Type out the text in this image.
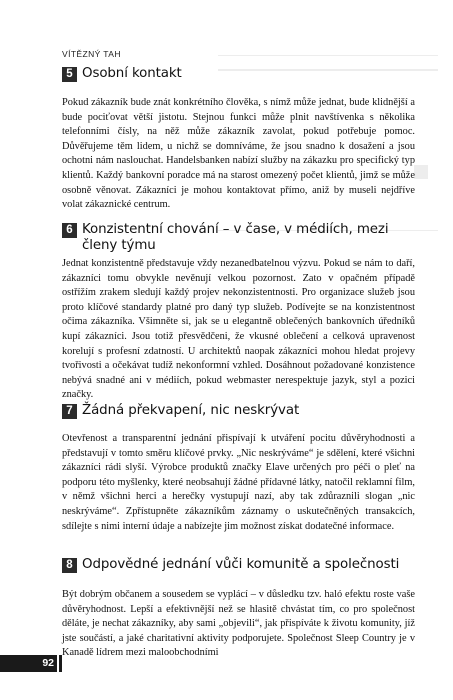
VÍTĚZNÝ TAH
5 Osobní kontakt

Pokud zákazník bude znát konkrétního člověka, s nímž může jednat, bude klidnější a bude pociťovat větší jistotu. Stejnou funkci může plnit navštívenka s několika telefonními čísly, na něž může zákazník zavolat, pokud potřebuje pomoc. Důvěřujeme těm lidem, u nichž se domníváme, že jsou snadno k dosažení a jsou ochotni nám naslouchat. Handelsbanken nabízí služby na zákazku pro specifický typ klientů. Každý bankovní poradce má na starost omezený počet klientů, jimž se může osobně věnovat. Zákazníci je mohou kontaktovat přímo, aniž by museli nejdříve volat zákaznické centrum.

6 Konzistentní chování – v čase, v médiích, mezi členy týmu

Jednat konzistentně představuje vždy nezanedbatelnou výzvu. Pokud se nám to daří, zákazníci tomu obvykle nevěnují velkou pozornost. Zato v opačném případě ostřížím zrakem sledují každý projev nekonzistentnosti. Pro organizace služeb jsou proto klíčové standardy platné pro daný typ služeb. Podívejte se na konzistentnost očima zákazníka. Všimněte si, jak se u elegantně oblečených bankovních úředníků kupí zákazníci. Jsou totiž přesvědčeni, že vkusné oblečení a celková upravenost korelují s profesní zdatností. U architektů naopak zákazníci mohou hledat projevy tvořivosti a očekávat tudíž nekonformní vzhled. Dosáhnout požadované konzistence nebývá snadné ani v médiích, pokud webmaster nerespektuje jazyk, styl a pozici značky.

7 Žádná překvapení, nic neskrývat

Otevřenost a transparentní jednání přispívají k utváření pocitu důvěryhodnosti a představují v tomto směru klíčové prvky. „Nic neskrýváme“ je sdělení, které všichni zákazníci rádi slyší. Výrobce produktů značky Elave určených pro péči o pleť na podporu této myšlenky, které neobsahují žádné přídavné látky, natočil reklamní film, v němž všichni herci a herečky vystupují nazí, aby tak zdůraznili slogan „nic neskrýváme“. Zpřístupněte zákazníkům záznamy o uskutečněných transakcích, sdílejte s nimi interní údaje a nabízejte jim možnost získat dodatečné informace.

8 Odpovědné jednání vůči komunitě a společnosti

Být dobrým občanem a sousedem se vyplácí – v důsledku tzv. haló efektu roste vaše důvěryhodnost. Lepší a efektivnější než se hlasitě chvástat tím, co pro společnost děláte, je nechat zákazníky, aby sami „objevili“, jak přispíváte k životu komunity, jíž jste součástí, a jaké charitativní aktivity podporujete. Společnost Sleep Country je v Kanadě lídrem mezi maloobchodními

92
